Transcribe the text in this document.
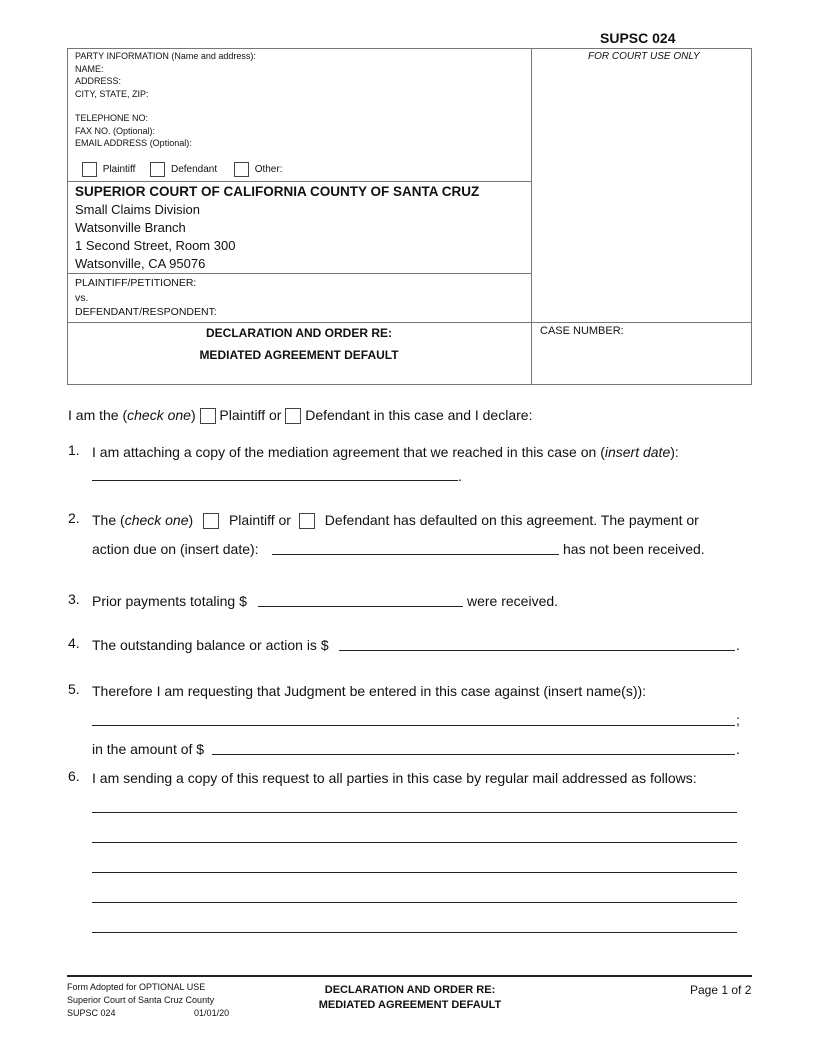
SUPSC 024
FOR COURT USE ONLY
PARTY INFORMATION (Name and address):
NAME:
ADDRESS:
CITY, STATE, ZIP:
TELEPHONE NO:
FAX NO. (Optional):
EMAIL ADDRESS (Optional):
Plaintiff	Defendant	Other:
SUPERIOR COURT OF CALIFORNIA COUNTY OF SANTA CRUZ
Small Claims Division
Watsonville Branch
1 Second Street, Room 300
Watsonville, CA 95076
PLAINTIFF/PETITIONER:
vs.
DEFENDANT/RESPONDENT:
DECLARATION AND ORDER RE:
MEDIATED AGREEMENT DEFAULT
CASE NUMBER:
I am the (check one) Plaintiff or Defendant in this case and I declare:
1. I am attaching a copy of the mediation agreement that we reached in this case on (insert date):
.
2. The (check one)	Plaintiff or Defendant has defaulted on this agreement. The payment or
action due on (insert date):	has not been received.
3. Prior payments totaling $	were received.
4. The outstanding balance or action is $	.
5. Therefore I am requesting that Judgment be entered in this case against (insert name(s)):
;
in the amount of $	.
6. I am sending a copy of this request to all parties in this case by regular mail addressed as follows:
Form Adopted for OPTIONAL USE
Superior Court of Santa Cruz County
SUPSC 024	01/01/20
DECLARATION AND ORDER RE:
MEDIATED AGREEMENT DEFAULT
Page 1 of 2
